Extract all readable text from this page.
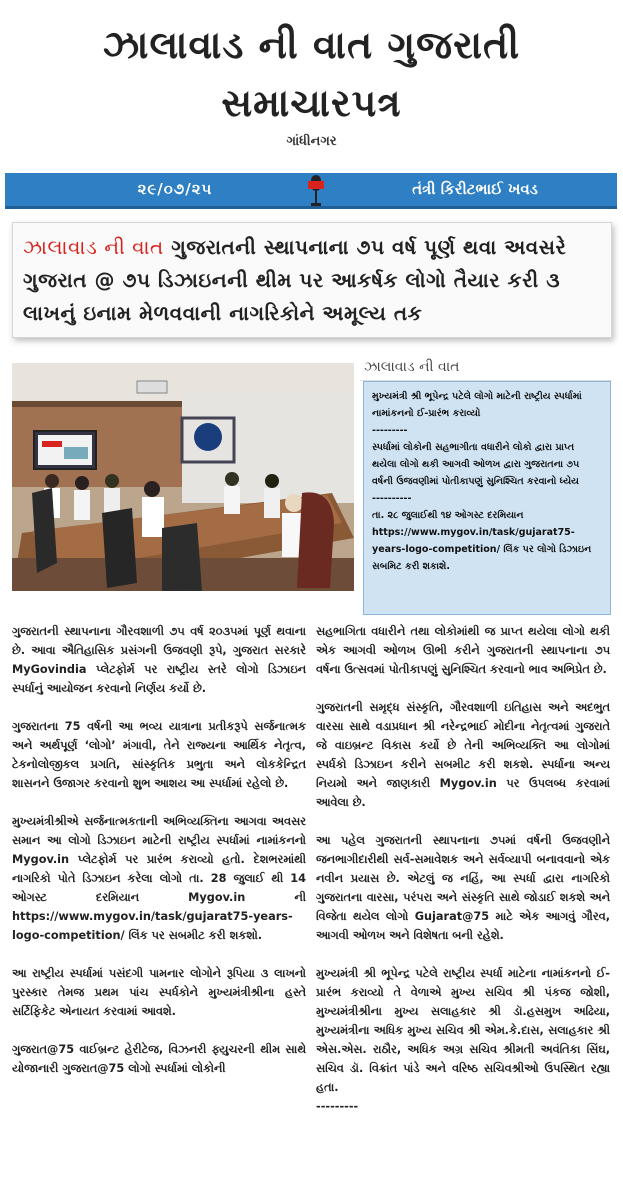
ઝાલાવાડ ની વાત ગુજરાતી
સમાચારપત્ર
ગાંધીનગર
૨૯/૦૭/૨૫	તંત્રી કિરીટભાઈ ખવડ

ઝાલાવાડ ની વાત ગુજરાતની સ્થાપનાના ૭૫ વર્ષ પૂર્ણ થવા અવસરે ગુજરાત @ ૭૫ ડિઝાઇનની થીમ પર આકર્ષક લોગો તૈયાર કરી ૩ લાખનું ઇનામ મેળવવાની નાગરિકોને અમૂલ્ય તક

ઝાલાવાડ ની વાત
મુખ્યમંત્રી શ્રી ભૂપેન્દ્ર પટેલે લોગો માટેની રાષ્ટ્રીય સ્પર્ધામાં નામાંકનનો ઈ-પ્રારંભ કરાવ્યો
---------
સ્પર્ધામાં લોકોની સહભાગીતા વધારીને લોકો દ્વારા પ્રાપ્ત થયેલા લોગો થકી આગવી ઓળખ દ્વારા ગુજરાતના ૭૫ વર્ષની ઉજવણીમાં પોતીકાપણું સુનિશ્ચિત કરવાનો ધ્યેય
----------
તા. ૨૮ જુલાઈથી ૧૪ ઓગસ્ટ દરમિયાન https://www.mygov.in/task/gujarat75-years-logo-competition/ લિંક પર લોગો ડિઝાઇન સબમિટ કરી શકાશે.

ગુજરાતની સ્થાપનાના ગૌરવશાળી ૭૫ વર્ષ ૨૦૩૫માં પૂર્ણ થવાના છે. આવા ઐતિહાસિક પ્રસંગની ઉજવણી રૂપે, ગુજરાત સરકારે MyGovindia પ્લેટફોર્મ પર રાષ્ટ્રીય સ્તરે લોગો ડિઝાઇન સ્પર્ધાનું આયોજન કરવાનો નિર્ણય કર્યો છે.

ગુજરાતના 75 વર્ષની આ ભવ્ય યાત્રાના પ્રતીકરૂપે સર્જનાત્મક અને અર્થપૂર્ણ ‘લોગો’ મંગાવી, તેને રાજ્યના આર્થિક નેતૃત્વ, ટેકનોલોજીકલ પ્રગતિ, સાંસ્કૃતિક પ્રભુતા અને લોકકેન્દ્રિત શાસનને ઉજાગર કરવાનો શુભ આશય આ સ્પર્ધામાં રહેલો છે.

મુખ્યમંત્રીશ્રીએ સર્જનાત્મકતાની અભિવ્યક્તિના આગવા અવસર સમાન આ લોગો ડિઝાઇન માટેની રાષ્ટ્રીય સ્પર્ધામાં નામાંકનનો Mygov.in પ્લેટફોર્મ પર પ્રારંભ કરાવ્યો હતો. દેશભરમાંથી નાગરિકો પોતે ડિઝાઇન કરેલા લોગો તા. 28 જુલાઈ થી 14 ઓગસ્ટ દરમિયાન Mygov.in ની https://www.mygov.in/task/gujarat75-years-logo-competition/ લિંક પર સબમીટ કરી શકશો.

આ રાષ્ટ્રીય સ્પર્ધામાં પસંદગી પામનાર લોગોને રૂપિયા ૩ લાખનો પુરસ્કાર તેમજ પ્રથમ પાંચ સ્પર્ધકોને મુખ્યમંત્રીશ્રીના હસ્તે સર્ટિફિકેટ એનાયત કરવામાં આવશે.

ગુજરાત@75 વાઈબ્રન્ટ હેરીટેજ, વિઝનરી ફ્યુચરની થીમ સાથે યોજાનારી ગુજરાત@75 લોગો સ્પર્ધામાં લોકોની

સહભાગિતા વધારીને તથા લોકોમાંથી જ પ્રાપ્ત થયેલા લોગો થકી એક આગવી ઓળખ ઊભી કરીને ગુજરાતની સ્થાપનાના ૭૫ વર્ષના ઉત્સવમાં પોતીકાપણું સુનિશ્ચિત કરવાનો ભાવ અભિપ્રેત છે.

ગુજરાતની સમૃદ્ધ સંસ્કૃતિ, ગૌરવશાળી ઇતિહાસ અને અદભુત વારસા સાથે વડાપ્રધાન શ્રી નરેન્દ્રભાઈ મોદીના નેતૃત્વમાં ગુજરાતે જે વાઇબ્રન્ટ વિકાસ કર્યો છે તેની અભિવ્યક્તિ આ લોગોમાં સ્પર્ધકો ડિઝાઇન કરીને સબમીટ કરી શકશે. સ્પર્ધાના અન્ય નિયમો અને જાણકારી Mygov.in પર ઉપલબ્ધ કરવામાં આવેલા છે.

આ પહેલ ગુજરાતની સ્થાપનાના ૭૫માં વર્ષની ઉજવણીને જનભાગીદારીથી સર્વ-સમાવેશક અને સર્વવ્યાપી બનાવવાનો એક નવીન પ્રયાસ છે. એટલું જ નહિં, આ સ્પર્ધા દ્વારા નાગરિકો ગુજરાતના વારસા, પરંપરા અને સંસ્કૃતિ સાથે જોડાઈ શકશે અને વિજેતા થયેલ લોગો Gujarat@75 માટે એક આગવું ગૌરવ, આગવી ઓળખ અને વિશેષતા બની રહેશે.

મુખ્યમંત્રી શ્રી ભૂપેન્દ્ર પટેલે રાષ્ટ્રીય સ્પર્ધા માટેના નામાંકનનો ઈ-પ્રારંભ કરાવ્યો તે વેળાએ મુખ્ય સચિવ શ્રી પંકજ જોશી, મુખ્યમંત્રીશ્રીના મુખ્ય સલાહકાર શ્રી ડૉ.હસમુખ અઢિયા, મુખ્યમંત્રીના અધિક મુખ્ય સચિવ શ્રી એમ.કે.દાસ, સલાહકાર શ્રી એસ.એસ. રાઠૌર, અધિક અગ્ર સચિવ શ્રીમતી અવંતિકા સિંઘ, સચિવ ડૉ. વિક્રાંત પાંડે અને વરિષ્ઠ સચિવશ્રીઓ ઉપસ્થિત રહ્યા હતા.

---------
